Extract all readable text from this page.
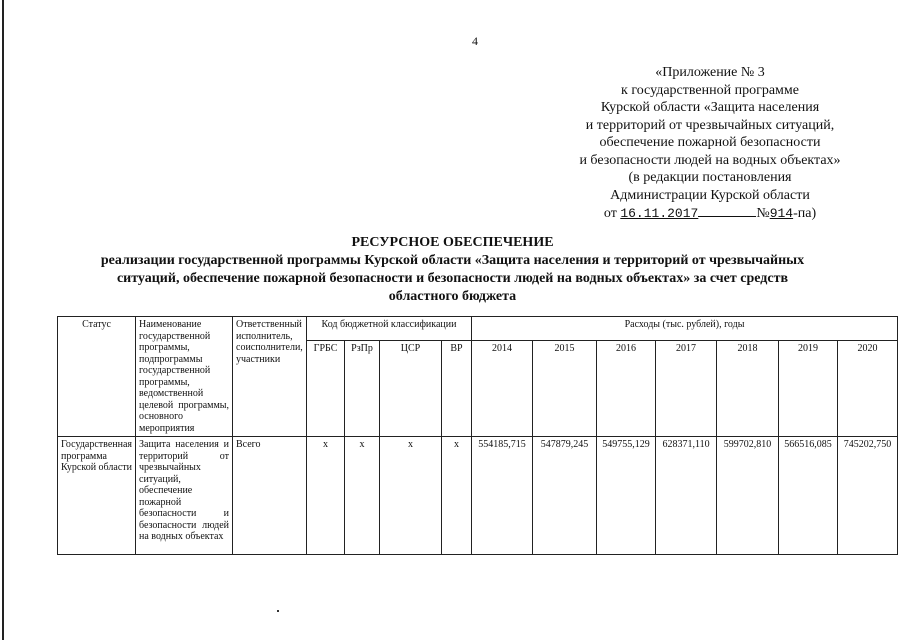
4
«Приложение № 3
к государственной программе
Курской области «Защита населения
и территорий от чрезвычайных ситуаций,
обеспечение пожарной безопасности
и безопасности людей на водных объектах»
(в редакции постановления
Администрации Курской области
от 16.11.2017	№914-па)
РЕСУРСНОЕ ОБЕСПЕЧЕНИЕ
реализации государственной программы Курской области «Защита населения и территорий от чрезвычайных
ситуаций, обеспечение пожарной безопасности и безопасности людей на водных объектах» за счет средств
областного бюджета
Статус	Наименование государственной программы, подпрограммы государственной программы, ведомственной целевой программы, основного мероприятия	Ответственный исполнитель, соисполнители, участники	Код бюджетной классификации				Расходы (тыс. рублей), годы						
			ГРБС	РзПр	ЦСР	ВР	2014	2015	2016	2017	2018	2019	2020
Государственная программа Курской области	Защита населения и территорий от чрезвычайных ситуаций, обеспечение пожарной безопасности и безопасности людей на водных объектах	Всего	x	x	x	x	554185,715	547879,245	549755,129	628371,110	599702,810	566516,085	745202,750
